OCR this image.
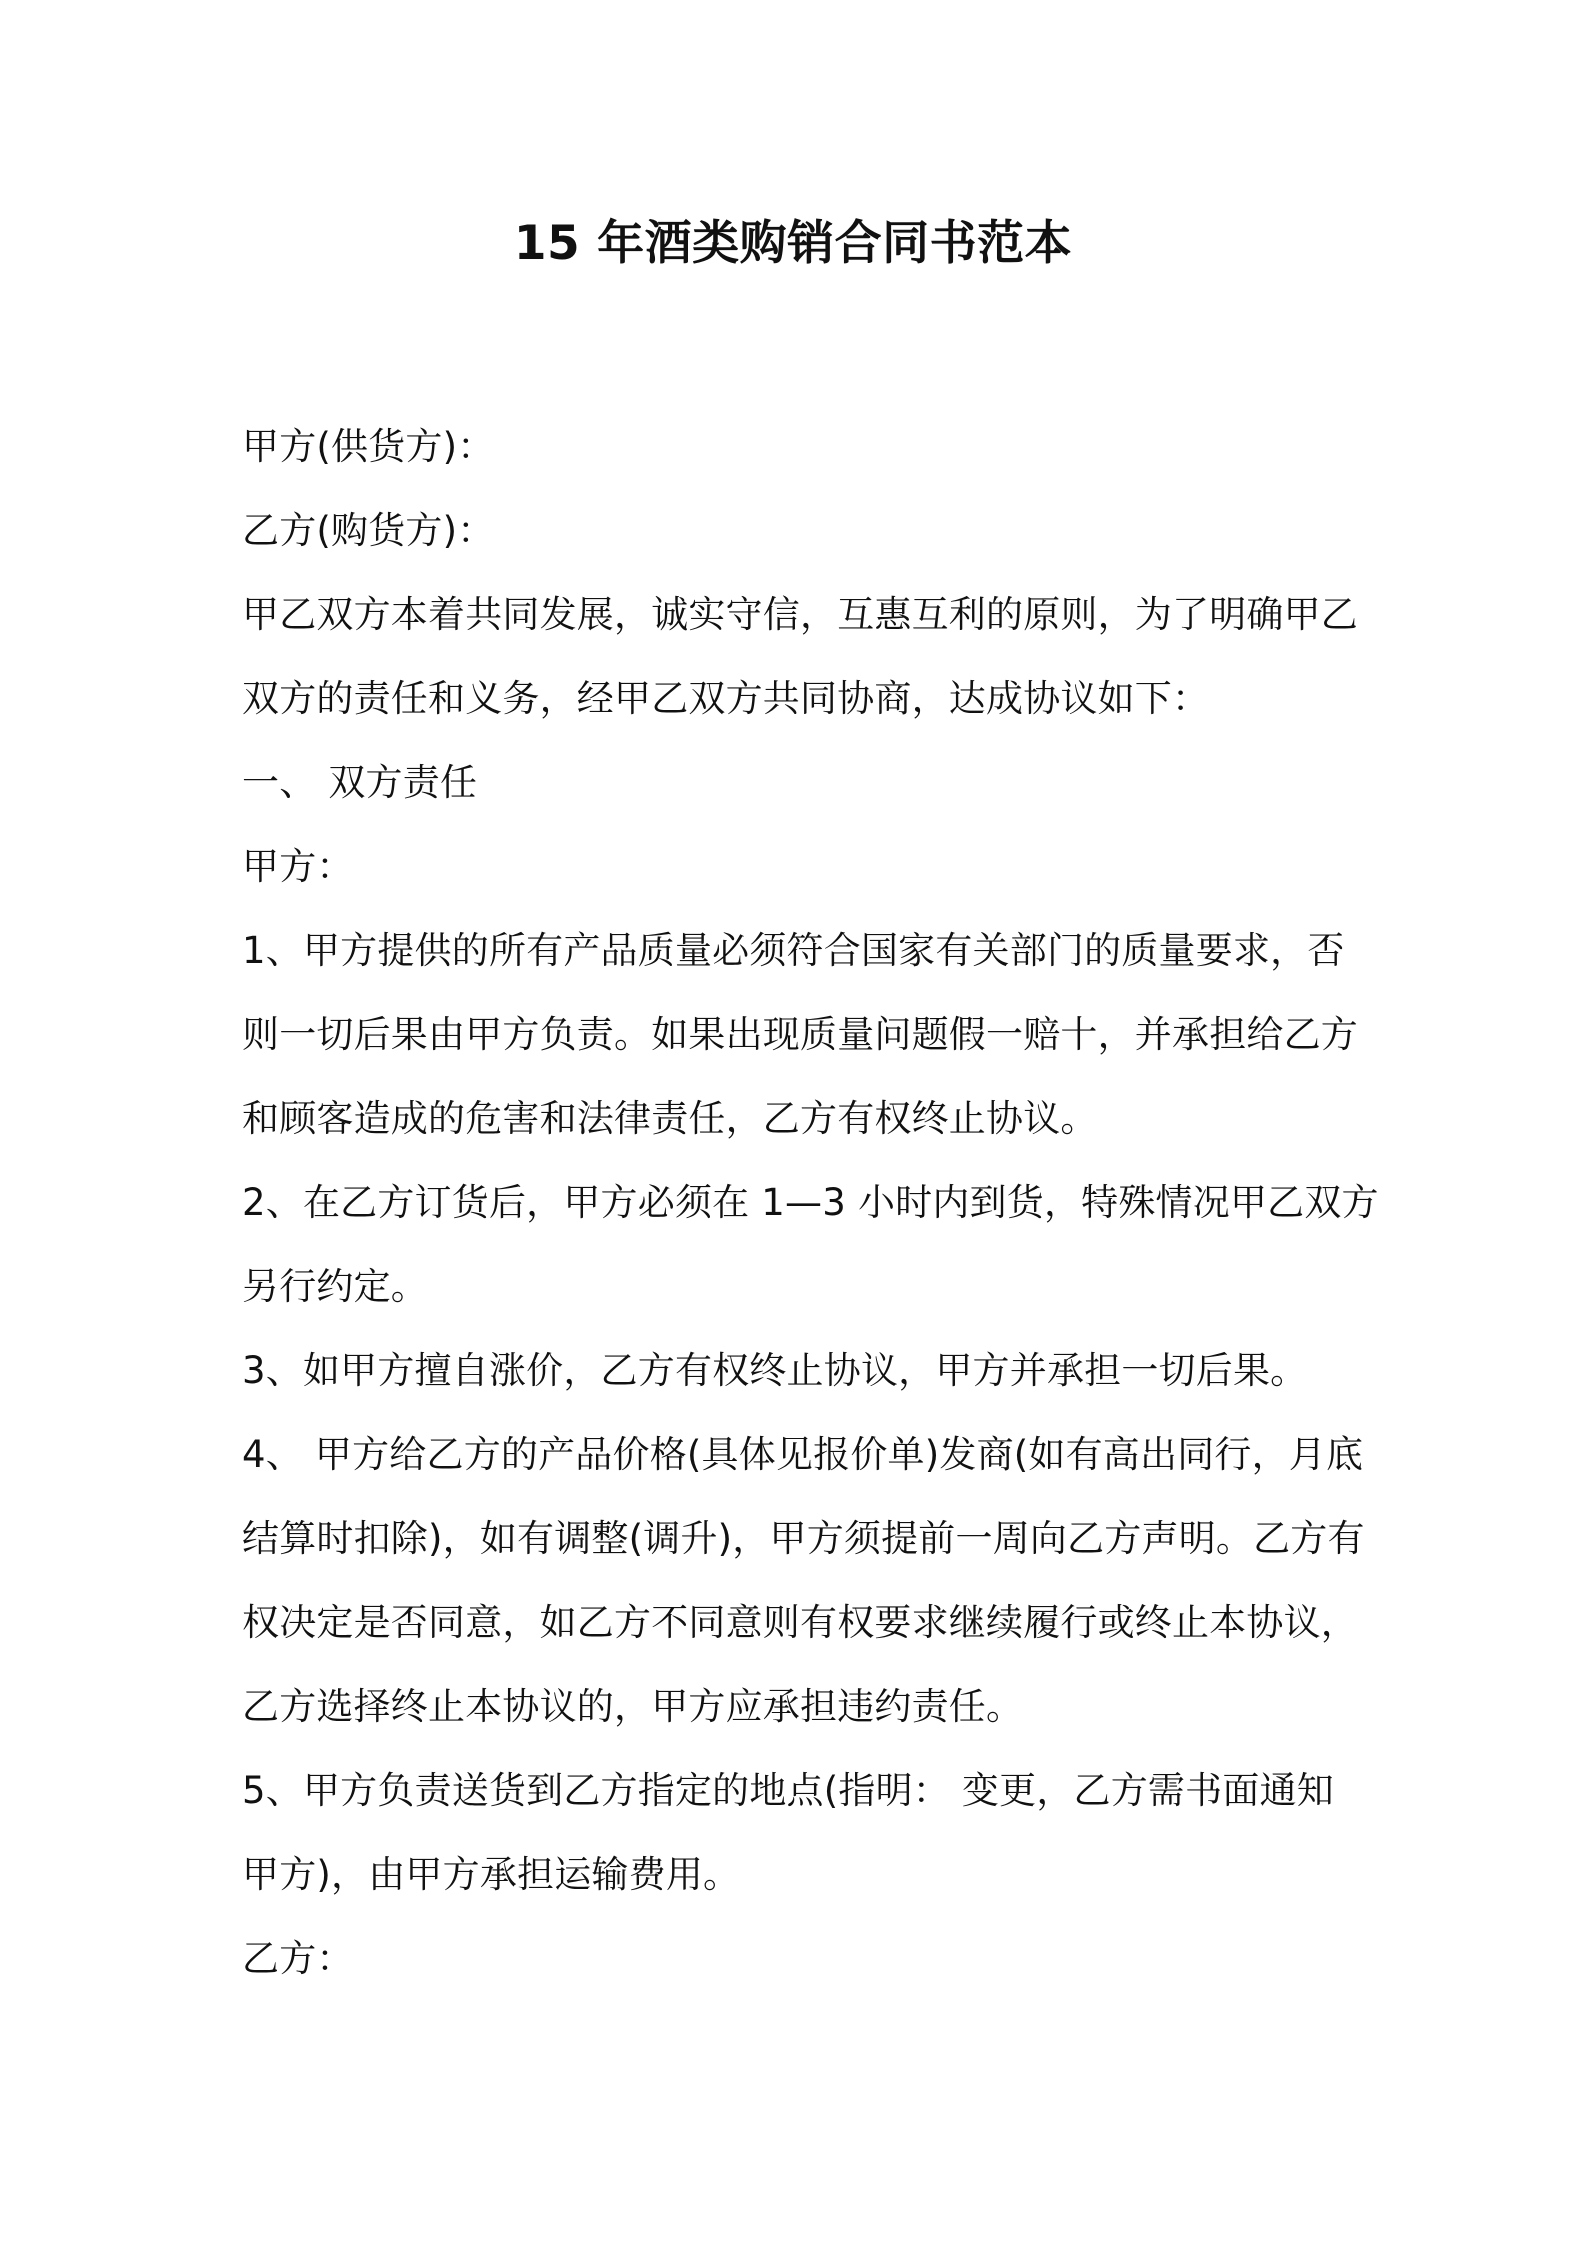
15 年酒类购销合同书范本

甲方(供货方)：

乙方(购货方)：

甲乙双方本着共同发展，诚实守信，互惠互利的原则，为了明确甲乙

双方的责任和义务，经甲乙双方共同协商，达成协议如下：

一、 双方责任

甲方：

1、甲方提供的所有产品质量必须符合国家有关部门的质量要求，否

则一切后果由甲方负责。如果出现质量问题假一赔十，并承担给乙方

和顾客造成的危害和法律责任，乙方有权终止协议。

2、在乙方订货后，甲方必须在 1—3 小时内到货，特殊情况甲乙双方

另行约定。

3、如甲方擅自涨价，乙方有权终止协议，甲方并承担一切后果。

4、 甲方给乙方的产品价格(具体见报价单)发商(如有高出同行，月底

结算时扣除)，如有调整(调升)，甲方须提前一周向乙方声明。乙方有

权决定是否同意，如乙方不同意则有权要求继续履行或终止本协议，

乙方选择终止本协议的，甲方应承担违约责任。

5、甲方负责送货到乙方指定的地点(指明： 变更，乙方需书面通知

甲方)，由甲方承担运输费用。

乙方：
